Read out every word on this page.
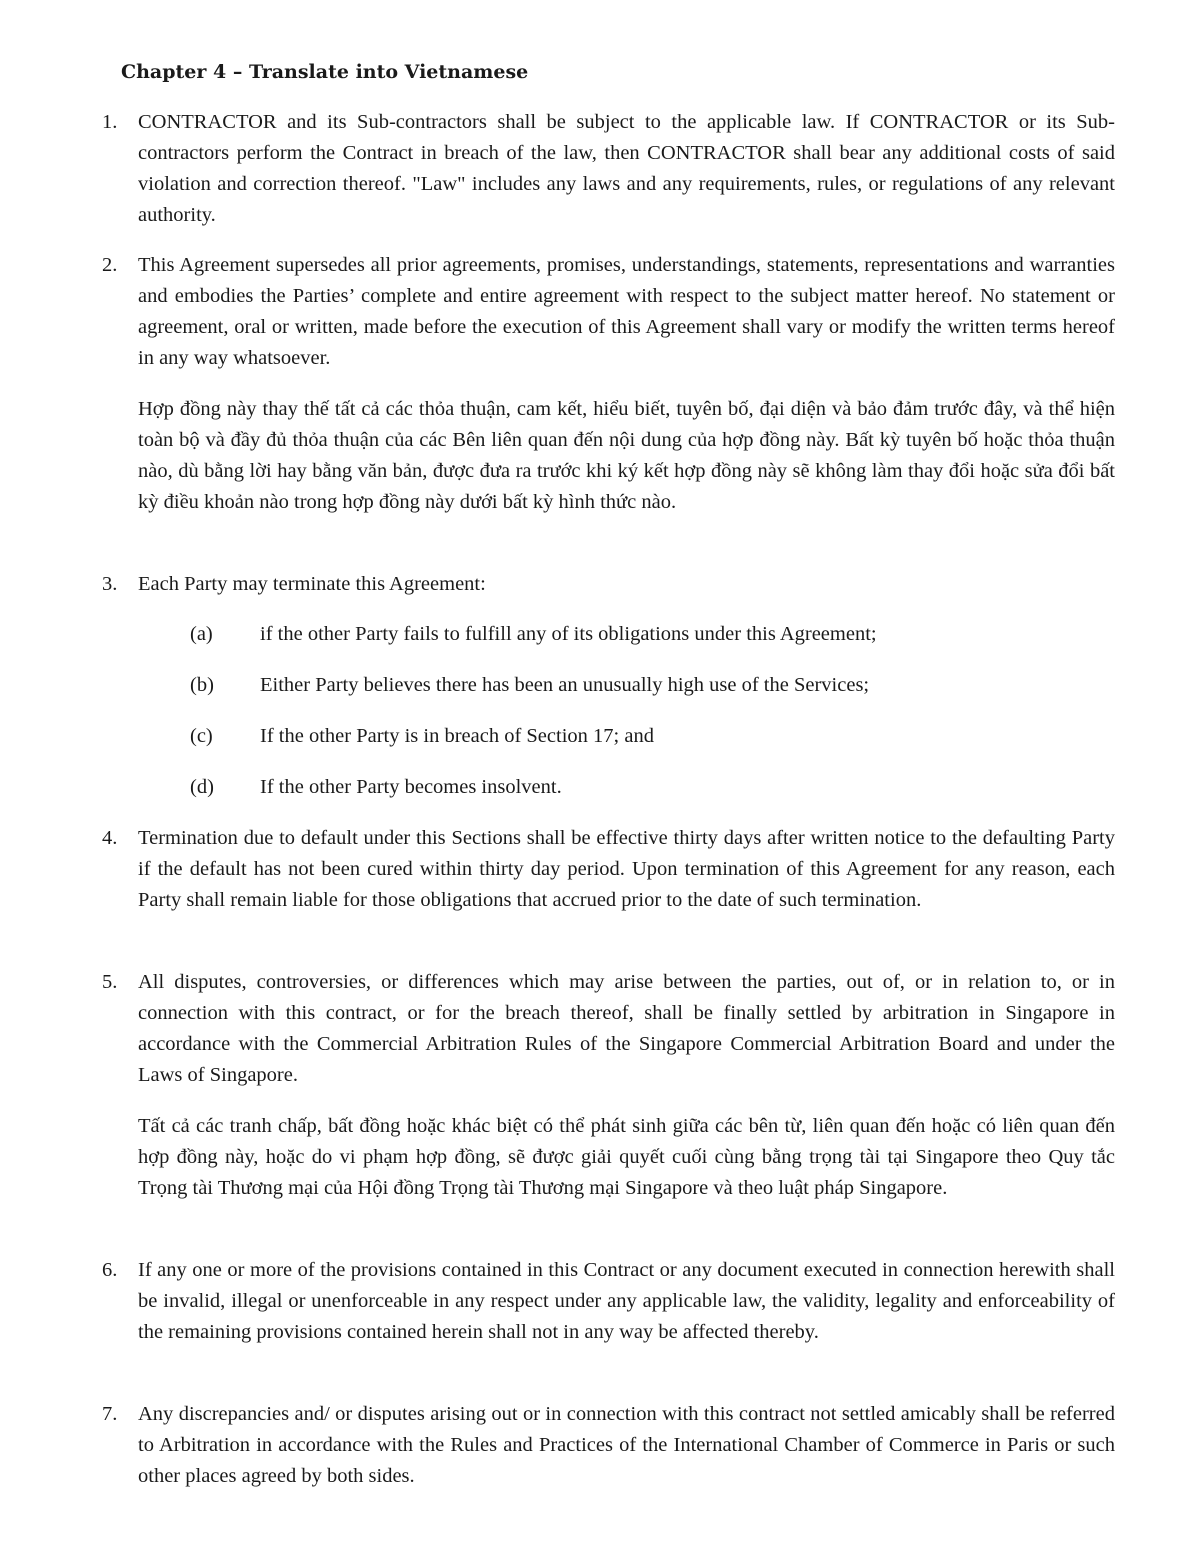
Chapter 4 – Translate into Vietnamese
1. CONTRACTOR and its Sub-contractors shall be subject to the applicable law. If CONTRACTOR or its Sub-contractors perform the Contract in breach of the law, then CONTRACTOR shall bear any additional costs of said violation and correction thereof. "Law" includes any laws and any requirements, rules, or regulations of any relevant authority.

2. This Agreement supersedes all prior agreements, promises, understandings, statements, representations and warranties and embodies the Parties’ complete and entire agreement with respect to the subject matter hereof. No statement or agreement, oral or written, made before the execution of this Agreement shall vary or modify the written terms hereof in any way whatsoever.

Hợp đồng này thay thế tất cả các thỏa thuận, cam kết, hiểu biết, tuyên bố, đại diện và bảo đảm trước đây, và thể hiện toàn bộ và đầy đủ thỏa thuận của các Bên liên quan đến nội dung của hợp đồng này. Bất kỳ tuyên bố hoặc thỏa thuận nào, dù bằng lời hay bằng văn bản, được đưa ra trước khi ký kết hợp đồng này sẽ không làm thay đổi hoặc sửa đổi bất kỳ điều khoản nào trong hợp đồng này dưới bất kỳ hình thức nào.

3. Each Party may terminate this Agreement:

(a) if the other Party fails to fulfill any of its obligations under this Agreement;
(b) Either Party believes there has been an unusually high use of the Services;
(c) If the other Party is in breach of Section 17; and
(d) If the other Party becomes insolvent.
4. Termination due to default under this Sections shall be effective thirty days after written notice to the defaulting Party if the default has not been cured within thirty day period. Upon termination of this Agreement for any reason, each Party shall remain liable for those obligations that accrued prior to the date of such termination.

5. All disputes, controversies, or differences which may arise between the parties, out of, or in relation to, or in connection with this contract, or for the breach thereof, shall be finally settled by arbitration in Singapore in accordance with the Commercial Arbitration Rules of the Singapore Commercial Arbitration Board and under the Laws of Singapore.

Tất cả các tranh chấp, bất đồng hoặc khác biệt có thể phát sinh giữa các bên từ, liên quan đến hoặc có liên quan đến hợp đồng này, hoặc do vi phạm hợp đồng, sẽ được giải quyết cuối cùng bằng trọng tài tại Singapore theo Quy tắc Trọng tài Thương mại của Hội đồng Trọng tài Thương mại Singapore và theo luật pháp Singapore.

6. If any one or more of the provisions contained in this Contract or any document executed in connection herewith shall be invalid, illegal or unenforceable in any respect under any applicable law, the validity, legality and enforceability of the remaining provisions contained herein shall not in any way be affected thereby.

7. Any discrepancies and/ or disputes arising out or in connection with this contract not settled amicably shall be referred to Arbitration in accordance with the Rules and Practices of the International Chamber of Commerce in Paris or such other places agreed by both sides.
